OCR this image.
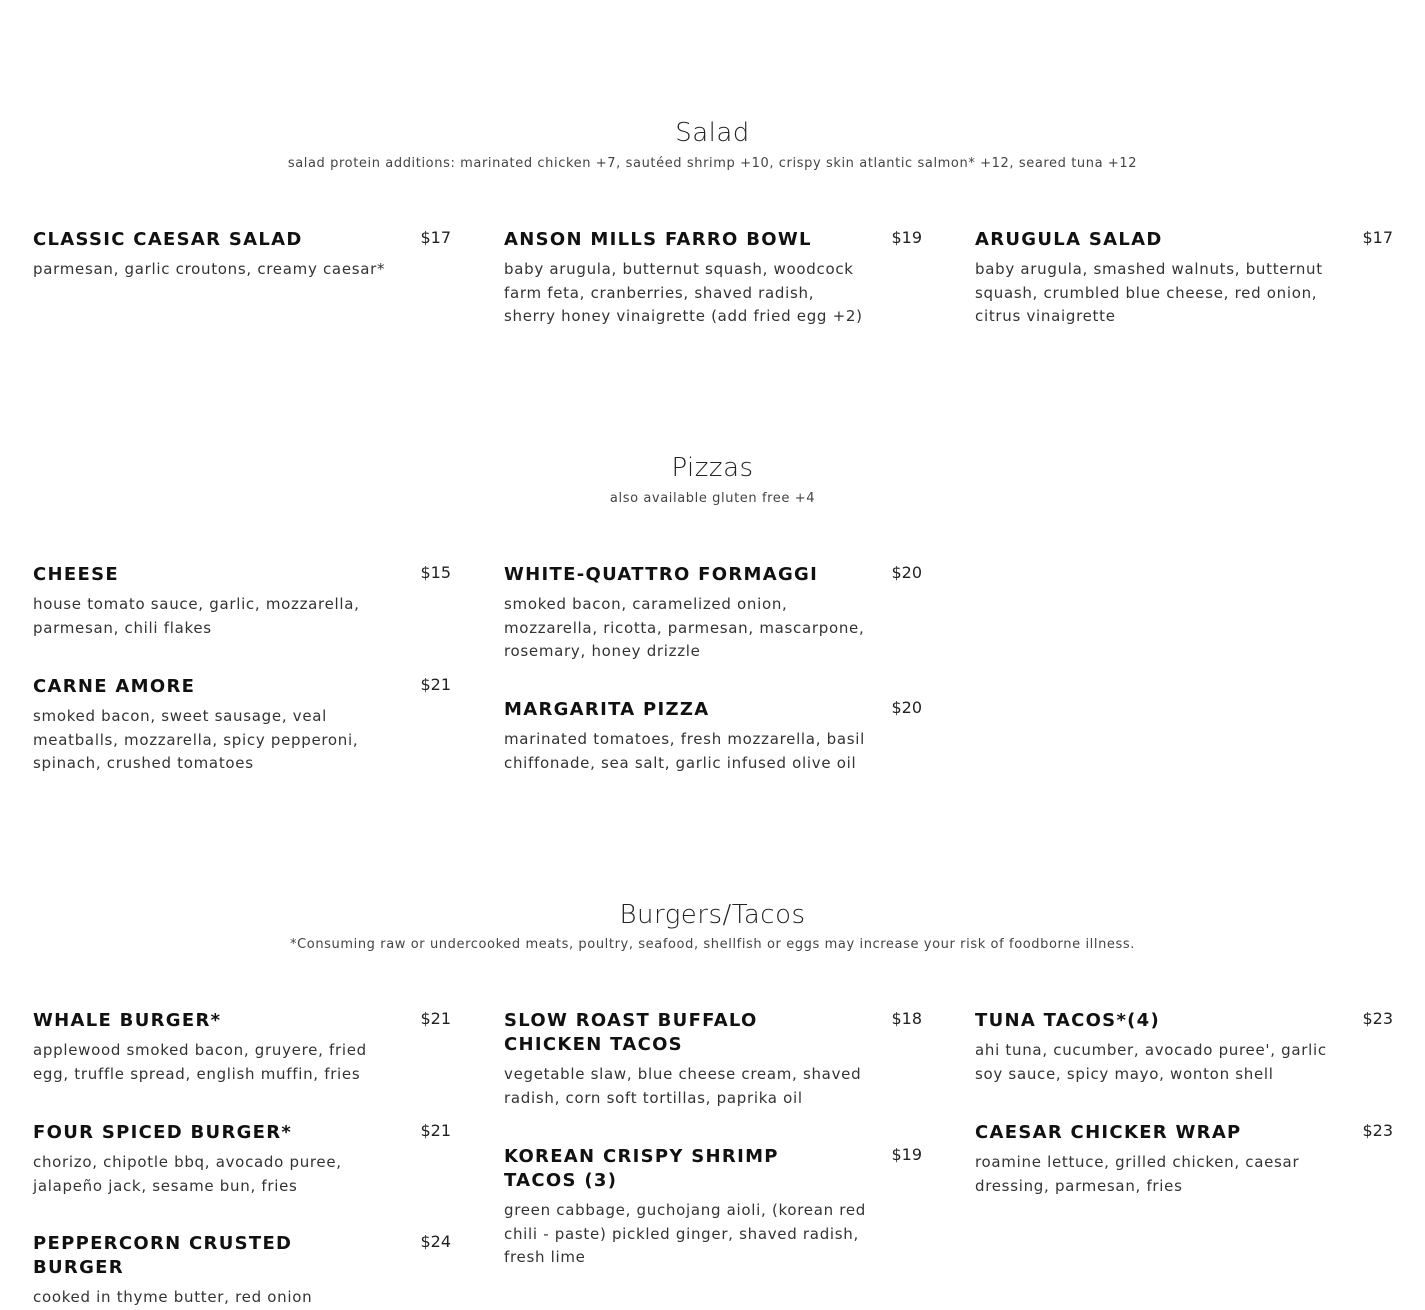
Salad

salad protein additions: marinated chicken +7, sautéed shrimp +10, crispy skin atlantic salmon* +12, seared tuna +12

CLASSIC CAESAR SALAD	$17

parmesan, garlic croutons, creamy caesar*

ANSON MILLS FARRO BOWL	$19

baby arugula, butternut squash, woodcock farm feta, cranberries, shaved radish, sherry honey vinaigrette (add fried egg +2)

ARUGULA SALAD	$17

baby arugula, smashed walnuts, butternut squash, crumbled blue cheese, red onion, citrus vinaigrette

Pizzas

also available gluten free +4

CHEESE	$15

house tomato sauce, garlic, mozzarella, parmesan, chili flakes

WHITE-QUATTRO FORMAGGI	$20

smoked bacon, caramelized onion, mozzarella, ricotta, parmesan, mascarpone, rosemary, honey drizzle

CARNE AMORE	$21

smoked bacon, sweet sausage, veal meatballs, mozzarella, spicy pepperoni, spinach, crushed tomatoes

MARGARITA PIZZA	$20

marinated tomatoes, fresh mozzarella, basil chiffonade, sea salt, garlic infused olive oil

Burgers/Tacos

*Consuming raw or undercooked meats, poultry, seafood, shellfish or eggs may increase your risk of foodborne illness.

WHALE BURGER*	$21

applewood smoked bacon, gruyere, fried egg, truffle spread, english muffin, fries

SLOW ROAST BUFFALO CHICKEN TACOS
$18

vegetable slaw, blue cheese cream, shaved radish, corn soft tortillas, paprika oil

TUNA TACOS*(4)	$23

ahi tuna, cucumber, avocado puree', garlic soy sauce, spicy mayo, wonton shell

FOUR SPICED BURGER*	$21

chorizo, chipotle bbq, avocado puree, jalapeño jack, sesame bun, fries

KOREAN CRISPY SHRIMP TACOS (3)
$19

green cabbage, guchojang aioli, (korean red chili - paste) pickled ginger, shaved radish, fresh lime

CAESAR CHICKER WRAP	$23

roamine lettuce, grilled chicken, caesar dressing, parmesan, fries

PEPPERCORN CRUSTED BURGER
$24

cooked in thyme butter, red onion
